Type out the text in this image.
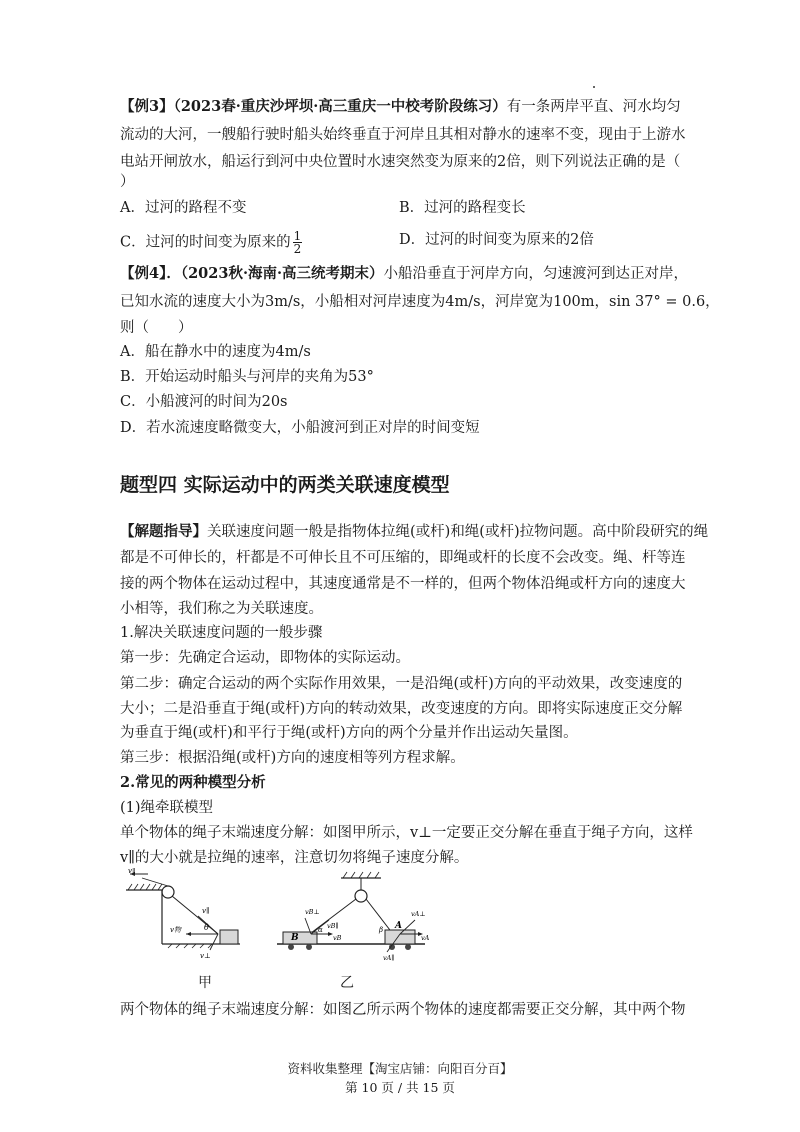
【例3】（2023春·重庆沙坪坝·高三重庆一中校考阶段练习）有一条两岸平直、河水均匀
流动的大河，一艘船行驶时船头始终垂直于河岸且其相对静水的速率不变，现由于上游水
电站开闸放水，船运行到河中央位置时水速突然变为原来的2倍，则下列说法正确的是（
）
A．过河的路程不变	B．过河的路程变长
C．过河的时间变为原来的 $\frac{1}{2}$	D．过河的时间变为原来的2倍
【例4】．（2023秋·海南·高三统考期末）小船沿垂直于河岸方向，匀速渡河到达正对岸，
已知水流的速度大小为3m/s，小船相对河岸速度为4m/s，河岸宽为100m，sin 37° = 0.6，
则（　　）
A．船在静水中的速度为4m/s
B．开始运动时船头与河岸的夹角为53°
C．小船渡河的时间为20s
D．若水流速度略微变大，小船渡河到正对岸的时间变短
题型四 实际运动中的两类关联速度模型
【解题指导】关联速度问题一般是指物体拉绳(或杆)和绳(或杆)拉物问题。高中阶段研究的绳
都是不可伸长的，杆都是不可伸长且不可压缩的，即绳或杆的长度不会改变。绳、杆等连
接的两个物体在运动过程中，其速度通常是不一样的，但两个物体沿绳或杆方向的速度大
小相等，我们称之为关联速度。
1.解决关联速度问题的一般步骤
第一步：先确定合运动，即物体的实际运动。
第二步：确定合运动的两个实际作用效果，一是沿绳(或杆)方向的平动效果，改变速度的
大小；二是沿垂直于绳(或杆)方向的转动效果，改变速度的方向。即将实际速度正交分解
为垂直于绳(或杆)和平行于绳(或杆)方向的两个分量并作出运动矢量图。
第三步：根据沿绳(或杆)方向的速度相等列方程求解。
2.常见的两种模型分析
(1)绳牵联模型
单个物体的绳子末端速度分解：如图甲所示，v⊥一定要正交分解在垂直于绳子方向，这样
v∥的大小就是拉绳的速率，注意切勿将绳子速度分解。
v∥
v∥
v物	θ
v⊥
B
A
vB⊥
vB
vB∥
α	β
vA⊥
vA
vA∥
甲	乙
两个物体的绳子末端速度分解：如图乙所示两个物体的速度都需要正交分解，其中两个物
资料收集整理【淘宝店铺：向阳百分百】
第 10 页 / 共 15 页
